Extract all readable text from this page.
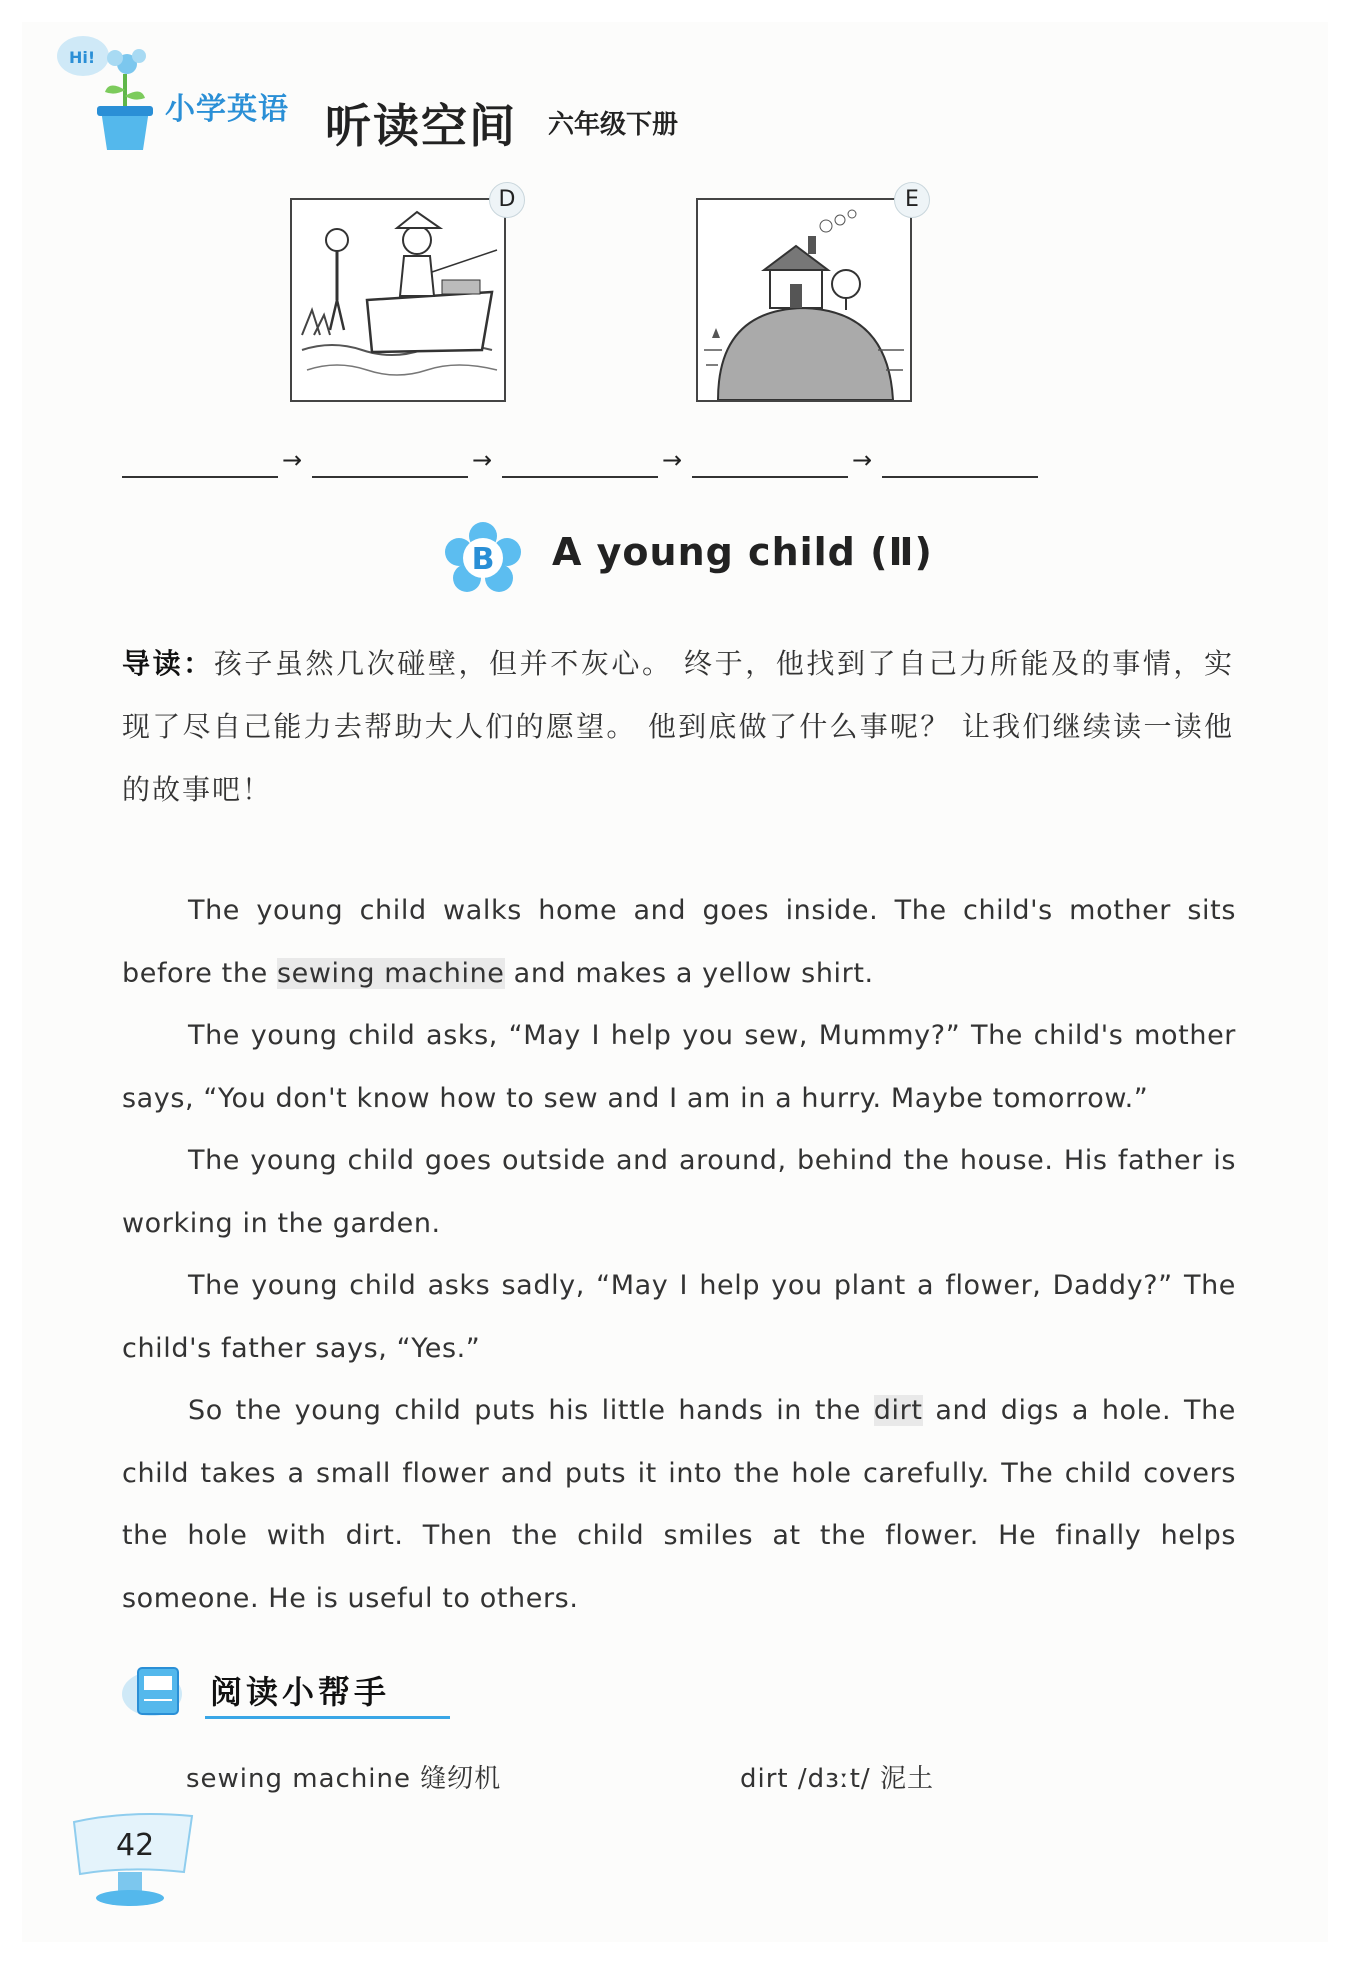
Hi!
小学英语 听读空间 六年级下册
D	E
→	→	→	→
B A young child (Ⅱ)
导读：孩子虽然几次碰壁，但并不灰心。 终于，他找到了自己力所能及的事情，实现了尽自己能力去帮助大人们的愿望。 他到底做了什么事呢？ 让我们继续读一读他的故事吧！

The young child walks home and goes inside. The child's mother sits before the sewing machine and makes a yellow shirt.

The young child asks, “May I help you sew, Mummy?” The child's mother says, “You don't know how to sew and I am in a hurry. Maybe tomorrow.”

The young child goes outside and around, behind the house. His father is working in the garden.

The young child asks sadly, “May I help you plant a flower, Daddy?” The child's father says, “Yes.”

So the young child puts his little hands in the dirt and digs a hole. The child takes a small flower and puts it into the hole carefully. The child covers the hole with dirt. Then the child smiles at the flower. He finally helps someone. He is useful to others.

阅读小帮手
sewing machine 缝纫机	dirt /dɜːt/ 泥土
42
